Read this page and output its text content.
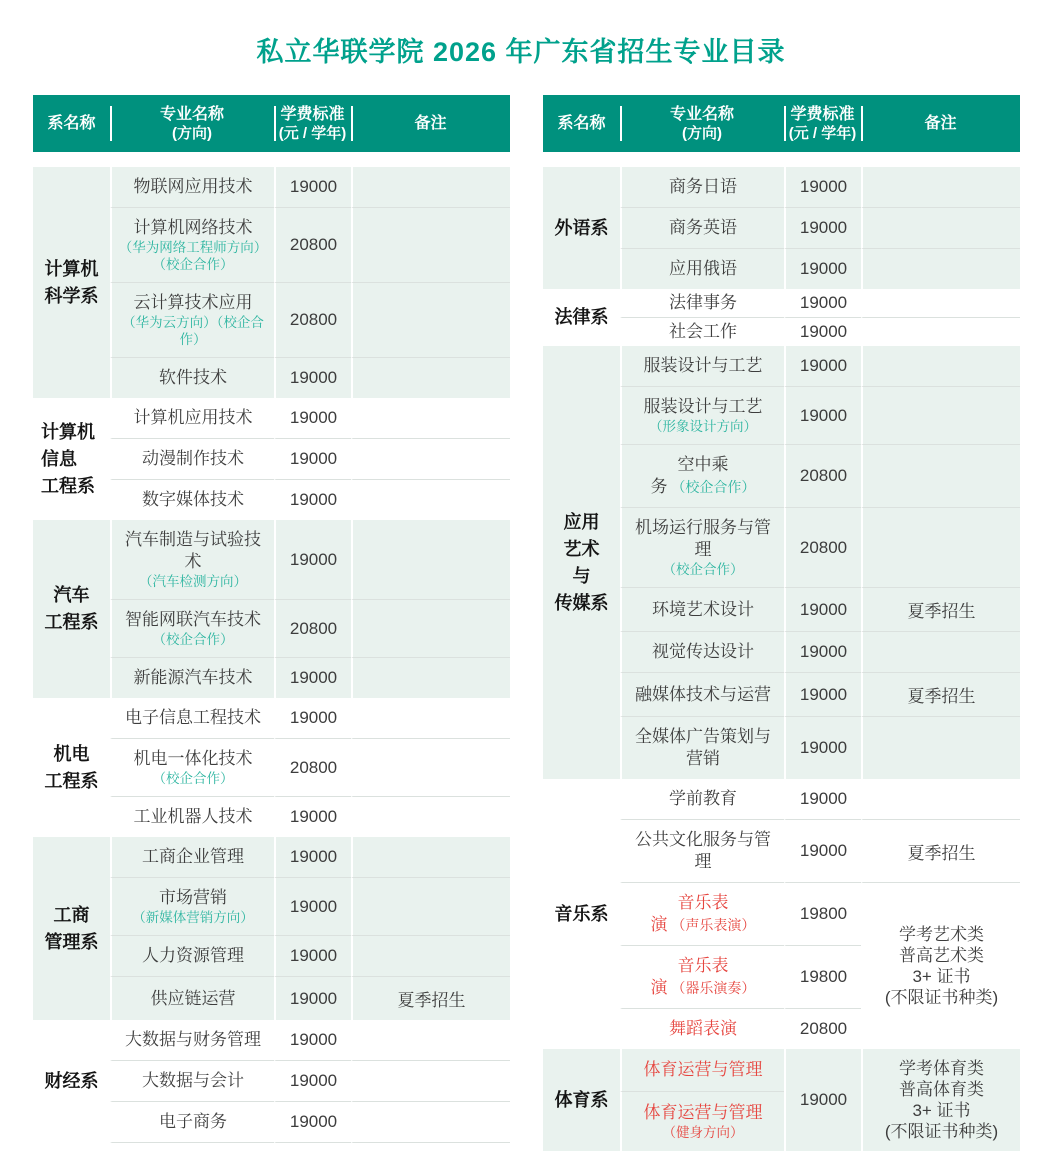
私立华联学院 2026 年广东省招生专业目录
系名称	
专业名称
(方向)

学费标准
(元 / 学年)
	备注

计算机
科学系	物联网应用技术	19000	

	计算机网络技术
（华为网络工程师方向）
（校企合作）	20800	

	云计算技术应用
（华为云方向）（校企合作）	20800	

	软件技术	19000	

计算机
信息
工程系	计算机应用技术	19000	

	动漫制作技术	19000	

	数字媒体技术	19000	

汽车
工程系

汽车制造与试验技术
（汽车检测方向）
	19000	

	智能网联汽车技术
（校企合作）	20800	

	新能源汽车技术	19000	

机电
工程系	电子信息工程技术	19000	

	机电一体化技术
（校企合作）	20800	

	工业机器人技术	19000	

工商
管理系	工商企业管理	19000	

	市场营销
（新媒体营销方向）	19000	

	人力资源管理	19000	

	供应链运营	19000	夏季招生

财经系	大数据与财务管理	19000	

	大数据与会计	19000	

	电子商务	19000	
系名称	
专业名称
(方向)

学费标准
(元 / 学年)
	备注

外语系	商务日语	19000	

	商务英语	19000	

	应用俄语	19000	

法律系	法律事务	19000	

	社会工作	19000	

应用
艺术
与
传媒系	服装设计与工艺	19000	

	服装设计与工艺
（形象设计方向）	19000	

	空中乘务 （校企合作）	20800	

	机场运行服务与管理
（校企合作）	20800	

	环境艺术设计	19000	夏季招生

	视觉传达设计	19000	

	融媒体技术与运营	19000	夏季招生

	全媒体广告策划与营销	19000	

音乐系	学前教育	19000	

	公共文化服务与管理	19000	夏季招生

	音乐表演 （声乐表演）	19800	学考艺术类
普高艺术类
3+ 证书
(不限证书种类)

	音乐表演 （器乐演奏）	19800	

	舞蹈表演	20800	

体育系	体育运营与管理	19000	学考体育类
普高体育类
3+ 证书
(不限证书种类)

	体育运营与管理
（健身方向）		
